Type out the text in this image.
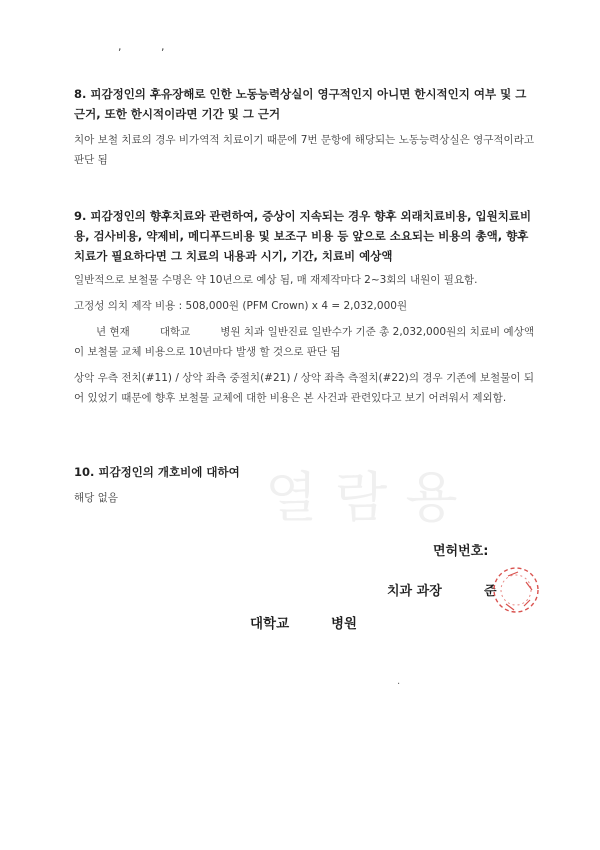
, ,
열람용

8. 피감정인의 후유장해로 인한 노동능력상실이 영구적인지 아니면 한시적인지 여부 및 그 근거, 또한 한시적이라면 기간 및 그 근거

치아 보철 치료의 경우 비가역적 치료이기 때문에 7번 문항에 해당되는 노동능력상실은 영구적이라고 판단 됨

9. 피감정인의 향후치료와 관련하여, 증상이 지속되는 경우 향후 외래치료비용, 입원치료비용, 검사비용, 약제비, 메디푸드비용 및 보조구 비용 등 앞으로 소요되는 비용의 총액, 향후 치료가 필요하다면 그 치료의 내용과 시기, 기간, 치료비 예상액

일반적으로 보철물 수명은 약 10년으로 예상 됨, 매 재제작마다 2~3회의 내원이 필요함.

고정성 의치 제작 비용 : 508,000원 (PFM Crown) x 4 = 2,032,000원

년 현재	대학교	병원 치과 일반진료 일반수가 기준 총 2,032,000원의 치료비 예상액이 보철물 교체 비용으로 10년마다 발생 할 것으로 판단 됨

상악 우측 전치(#11) / 상악 좌측 중절치(#21) / 상악 좌측 측절치(#22)의 경우 기존에 보철물이 되어 있었기 때문에 향후 보철물 교체에 대한 비용은 본 사건과 관련있다고 보기 어려워서 제외함.

10. 피감정인의 개호비에 대하여

해당 없음

면허번호:
치과 과장	준
대학교	병원
.
